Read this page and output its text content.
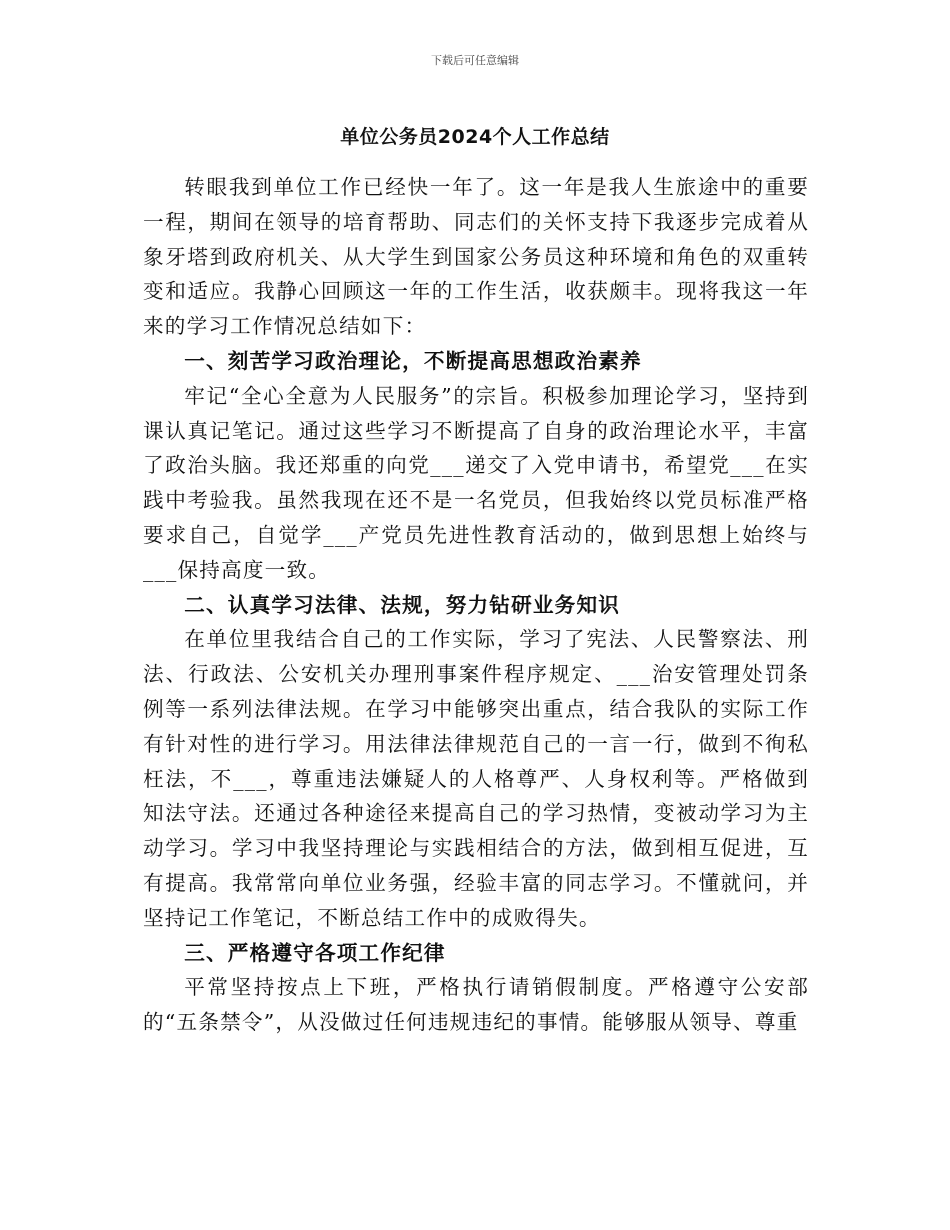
下载后可任意编辑
单位公务员2024个人工作总结

转眼我到单位工作已经快一年了。这一年是我人生旅途中的重要一程，期间在领导的培育帮助、同志们的关怀支持下我逐步完成着从象牙塔到政府机关、从大学生到国家公务员这种环境和角色的双重转变和适应。我静心回顾这一年的工作生活，收获颇丰。现将我这一年来的学习工作情况总结如下：

一、刻苦学习政治理论，不断提高思想政治素养

牢记“全心全意为人民服务”的宗旨。积极参加理论学习，坚持到课认真记笔记。通过这些学习不断提高了自身的政治理论水平，丰富了政治头脑。我还郑重的向党___递交了入党申请书，希望党___在实践中考验我。虽然我现在还不是一名党员，但我始终以党员标准严格要求自己，自觉学___产党员先进性教育活动的，做到思想上始终与___保持高度一致。

二、认真学习法律、法规，努力钻研业务知识

在单位里我结合自己的工作实际，学习了宪法、人民警察法、刑法、行政法、公安机关办理刑事案件程序规定、___治安管理处罚条例等一系列法律法规。在学习中能够突出重点，结合我队的实际工作有针对性的进行学习。用法律法律规范自己的一言一行，做到不徇私枉法，不___，尊重违法嫌疑人的人格尊严、人身权利等。严格做到知法守法。还通过各种途径来提高自己的学习热情，变被动学习为主动学习。学习中我坚持理论与实践相结合的方法，做到相互促进，互有提高。我常常向单位业务强，经验丰富的同志学习。不懂就问，并坚持记工作笔记，不断总结工作中的成败得失。

三、严格遵守各项工作纪律

平常坚持按点上下班，严格执行请销假制度。严格遵守公安部的“五条禁令”，从没做过任何违规违纪的事情。能够服从领导、尊重
